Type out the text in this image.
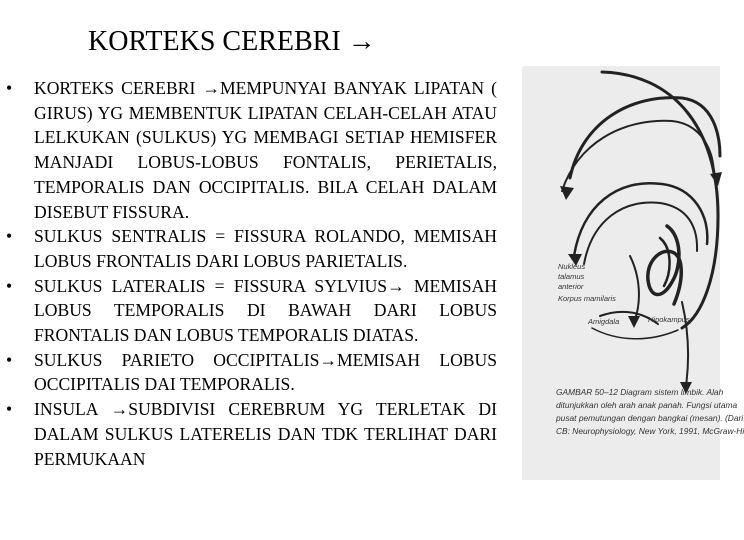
KORTEKS CEREBRI →
• KORTEKS CEREBRI →MEMPUNYAI BANYAK LIPATAN ( GIRUS) YG MEMBENTUK LIPATAN CELAH-CELAH ATAU LELKUKAN (SULKUS) YG MEMBAGI SETIAP HEMISFER MANJADI LOBUS-LOBUS FONTALIS, PERIETALIS, TEMPORALIS DAN OCCIPITALIS. BILA CELAH DALAM DISEBUT FISSURA.
• SULKUS SENTRALIS = FISSURA ROLANDO, MEMISAH LOBUS FRONTALIS DARI LOBUS PARIETALIS.
• SULKUS LATERALIS = FISSURA SYLVIUS→ MEMISAH LOBUS TEMPORALIS DI BAWAH DARI LOBUS FRONTALIS DAN LOBUS TEMPORALIS DIATAS.
• SULKUS PARIETO OCCIPITALIS→MEMISAH LOBUS OCCIPITALIS DAI TEMPORALIS.
• INSULA →SUBDIVISI CEREBRUM YG TERLETAK DI DALAM SULKUS LATERELIS DAN TDK TERLIHAT DARI PERMUKAAN
Nukleus
talamus
anterior
Korpus mamilaris
Amigdala	Hipokampus
GAMBAR 50–12 Diagram sistem limbik. Alah
ditunjukkan oleh arah anak panah. Fungsi utama
pusat pemutungan dengan bangkai (mesan). (Dari
CB: Neurophysiology, New York, 1991, McGraw-Hi
